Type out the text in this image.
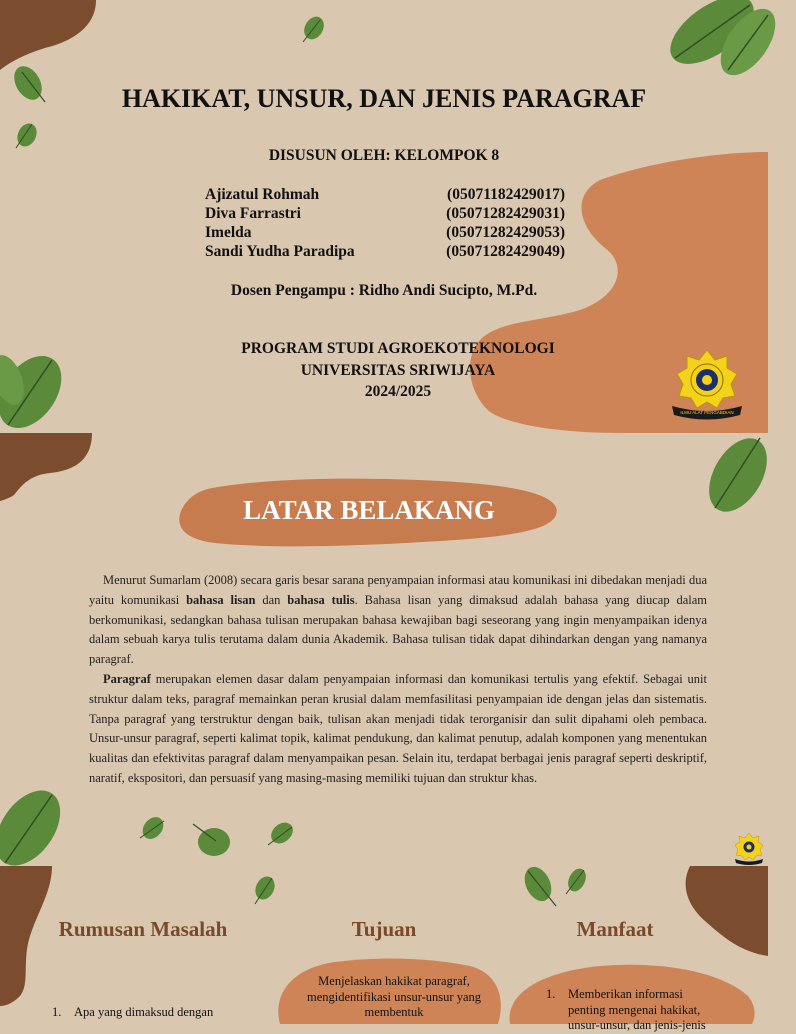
HAKIKAT, UNSUR, DAN JENIS PARAGRAF
DISUSUN OLEH: KELOMPOK 8
Ajizatul Rohmah	(05071182429017)
Diva Farrastri	(05071282429031)
Imelda	(05071282429053)
Sandi Yudha Paradipa	(05071282429049)
Dosen Pengampu : Ridho Andi Sucipto, M.Pd.
PROGRAM STUDI AGROEKOTEKNOLOGI
UNIVERSITAS SRIWIJAYA
2024/2025
ILMU ALAT PENGABDIAN
LATAR BELAKANG

Menurut Sumarlam (2008) secara garis besar sarana penyampaian informasi atau komunikasi ini dibedakan menjadi dua yaitu komunikasi bahasa lisan dan bahasa tulis. Bahasa lisan yang dimaksud adalah bahasa yang diucap dalam berkomunikasi, sedangkan bahasa tulisan merupakan bahasa kewajiban bagi seseorang yang ingin menyampaikan idenya dalam sebuah karya tulis terutama dalam dunia Akademik. Bahasa tulisan tidak dapat dihindarkan dengan yang namanya paragraf.

Paragraf merupakan elemen dasar dalam penyampaian informasi dan komunikasi tertulis yang efektif. Sebagai unit struktur dalam teks, paragraf memainkan peran krusial dalam memfasilitasi penyampaian ide dengan jelas dan sistematis. Tanpa paragraf yang terstruktur dengan baik, tulisan akan menjadi tidak terorganisir dan sulit dipahami oleh pembaca. Unsur-unsur paragraf, seperti kalimat topik, kalimat pendukung, dan kalimat penutup, adalah komponen yang menentukan kualitas dan efektivitas paragraf dalam menyampaikan pesan. Selain itu, terdapat berbagai jenis paragraf seperti deskriptif, naratif, ekspositori, dan persuasif yang masing-masing memiliki tujuan dan struktur khas.

Rumusan Masalah	Tujuan	Manfaat
Menjelaskan hakikat paragraf, mengidentifikasi unsur-unsur yang membentuk
1.	Apa yang dimaksud dengan
1.	Memberikan informasi penting mengenai hakikat, unsur-unsur, dan jenis-jenis
